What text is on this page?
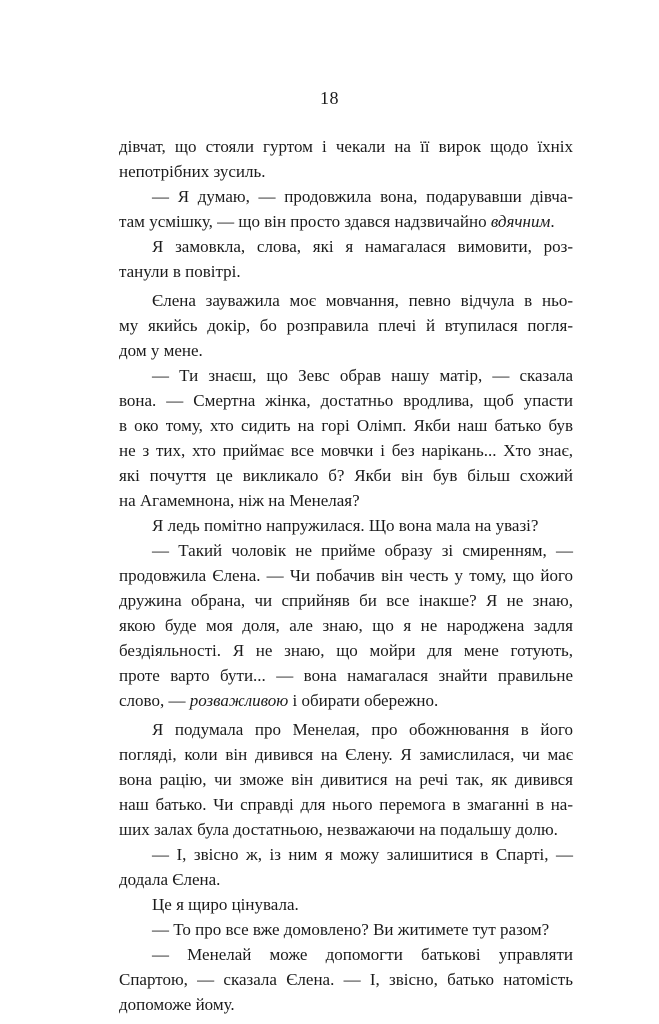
18
дівчат, що стояли гуртом і чекали на її вирок щодо їхніх
непотрібних зусиль.
— Я думаю, — продовжила вона, подарувавши дівча-
там усмішку, — що він просто здався надзвичайно вдячним.
Я замовкла, слова, які я намагалася вимовити, роз-
танули в повітрі.
Єлена зауважила моє мовчання, певно відчула в ньо-
му якийсь докір, бо розправила плечі й втупилася погля-
дом у мене.
— Ти знаєш, що Зевс обрав нашу матір, — сказала
вона. — Смертна жінка, достатньо вродлива, щоб упасти
в око тому, хто сидить на горі Олімп. Якби наш батько був
не з тих, хто приймає все мовчки і без нарікань... Хто знає,
які почуття це викликало б? Якби він був більш схожий
на Агамемнона, ніж на Менелая?
Я ледь помітно напружилася. Що вона мала на увазі?
— Такий чоловік не прийме образу зі смиренням, —
продовжила Єлена. — Чи побачив він честь у тому, що його
дружина обрана, чи сприйняв би все інакше? Я не знаю,
якою буде моя доля, але знаю, що я не народжена задля
бездіяльності. Я не знаю, що мойри для мене готують,
проте варто бути... — вона намагалася знайти правильне
слово, — розважливою і обирати обережно.
Я подумала про Менелая, про обожнювання в його
погляді, коли він дивився на Єлену. Я замислилася, чи має
вона рацію, чи зможе він дивитися на речі так, як дивився
наш батько. Чи справді для нього перемога в змаганні в на-
ших залах була достатньою, незважаючи на подальшу долю.
— І, звісно ж, із ним я можу залишитися в Спарті, —
додала Єлена.
Це я щиро цінувала.
— То про все вже домовлено? Ви житимете тут разом?
— Менелай може допомогти батькові управляти
Спартою, — сказала Єлена. — І, звісно, батько натомість
допоможе йому.
